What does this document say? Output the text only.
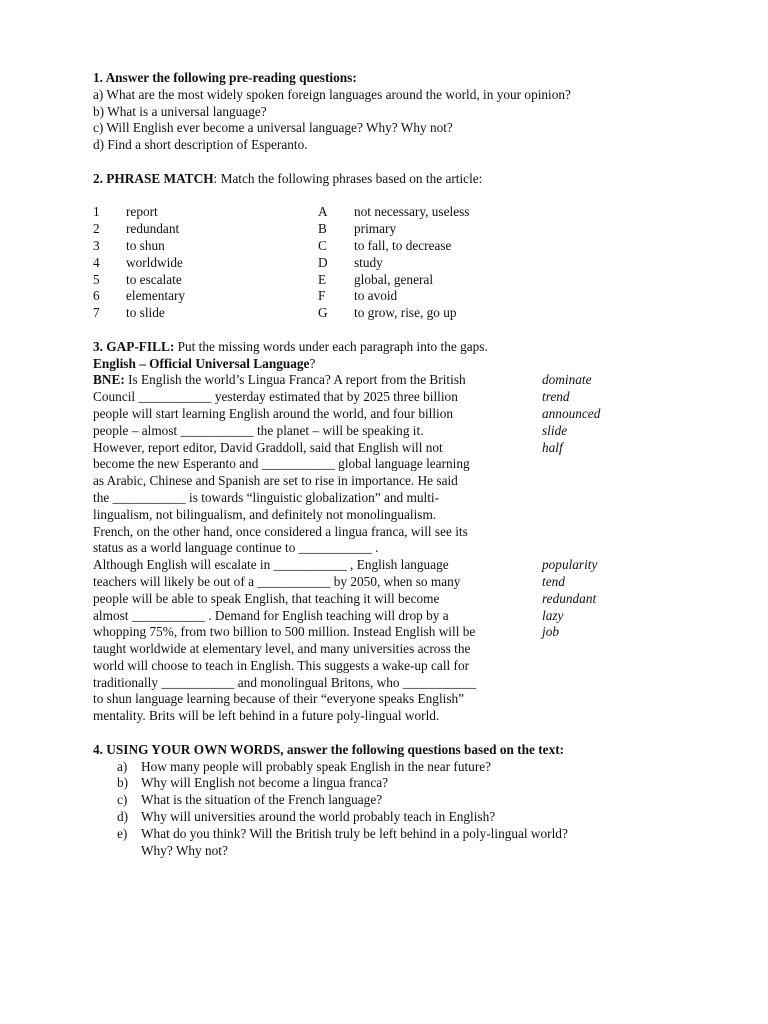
1. Answer the following pre-reading questions:
a) What are the most widely spoken foreign languages around the world, in your opinion?
b) What is a universal language?
c) Will English ever become a universal language? Why? Why not?
d) Find a short description of Esperanto.
2. PHRASE MATCH: Match the following phrases based on the article:
1	report	A	not necessary, useless
2	redundant	B	primary
3	to shun	C	to fall, to decrease
4	worldwide	D	study
5	to escalate	E	global, general
6	elementary	F	to avoid
7	to slide	G	to grow, rise, go up
3. GAP-FILL: Put the missing words under each paragraph into the gaps.
English – Official Universal Language?
BNE: Is English the world’s Lingua Franca? A report from the British
Council ___________ yesterday estimated that by 2025 three billion
people will start learning English around the world, and four billion
people – almost ___________ the planet – will be speaking it.
However, report editor, David Graddoll, said that English will not
become the new Esperanto and ___________ global language learning
as Arabic, Chinese and Spanish are set to rise in importance. He said
the ___________ is towards “linguistic globalization” and multi-
lingualism, not bilingualism, and definitely not monolingualism.
French, on the other hand, once considered a lingua franca, will see its
status as a world language continue to ___________ .
dominate
trend
announced
slide
half
Although English will escalate in ___________ , English language
teachers will likely be out of a ___________ by 2050, when so many
people will be able to speak English, that teaching it will become
almost ___________ . Demand for English teaching will drop by a
whopping 75%, from two billion to 500 million. Instead English will be
taught worldwide at elementary level, and many universities across the
world will choose to teach in English. This suggests a wake-up call for
traditionally ___________ and monolingual Britons, who ___________
to shun language learning because of their “everyone speaks English”
mentality. Brits will be left behind in a future poly-lingual world.
popularity
tend
redundant
lazy
job
4. USING YOUR OWN WORDS, answer the following questions based on the text:
a)	How many people will probably speak English in the near future?
b) Why will English not become a lingua franca?
c)	What is the situation of the French language?
d) Why will universities around the world probably teach in English?
e)	What do you think? Will the British truly be left behind in a poly-lingual world?
Why? Why not?
